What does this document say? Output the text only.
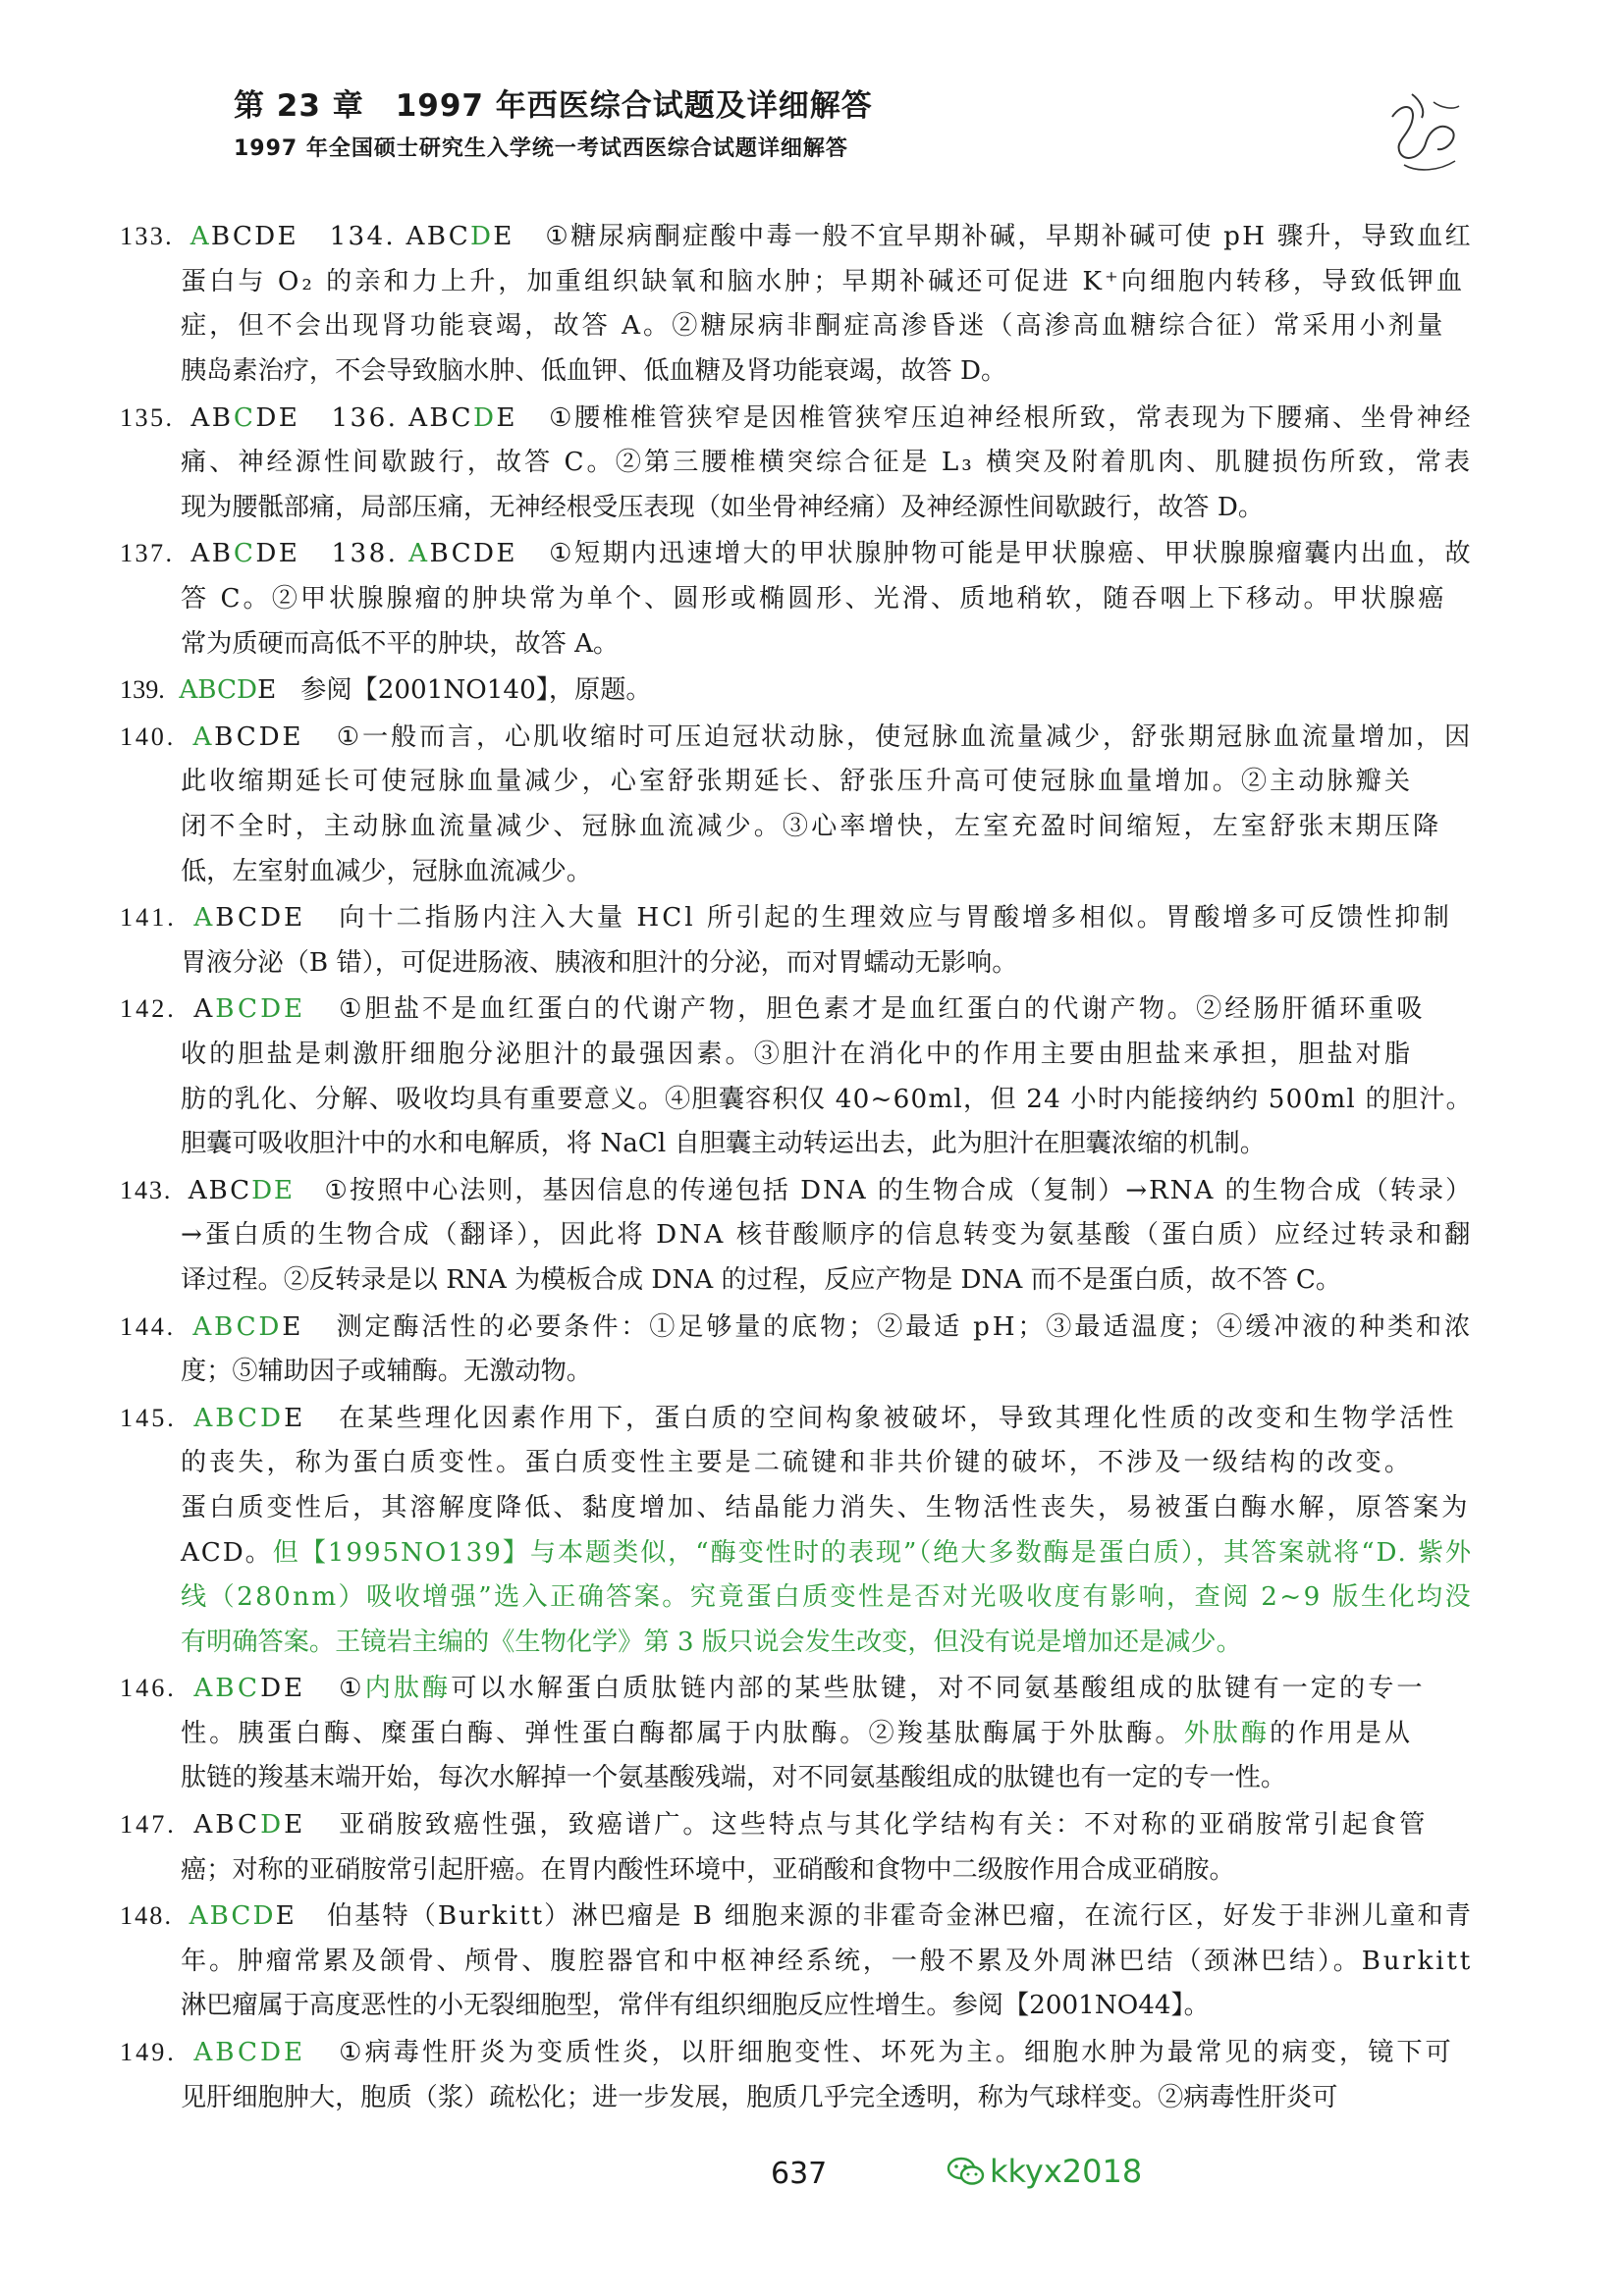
第 23 章　1997 年西医综合试题及详细解答
1997 年全国硕士研究生入学统一考试西医综合试题详细解答
133. ABCDE   134. ABCDE   ①糖尿病酮症酸中毒一般不宜早期补碱，早期补碱可使 pH 骤升，导致血红
蛋白与 O₂ 的亲和力上升，加重组织缺氧和脑水肿；早期补碱还可促进 K⁺向细胞内转移，导致低钾血
症，但不会出现肾功能衰竭，故答 A。②糖尿病非酮症高渗昏迷（高渗高血糖综合征）常采用小剂量
胰岛素治疗，不会导致脑水肿、低血钾、低血糖及肾功能衰竭，故答 D。
135. ABCDE   136. ABCDE   ①腰椎椎管狭窄是因椎管狭窄压迫神经根所致，常表现为下腰痛、坐骨神经
痛、神经源性间歇跛行，故答 C。②第三腰椎横突综合征是 L₃ 横突及附着肌肉、肌腱损伤所致，常表
现为腰骶部痛，局部压痛，无神经根受压表现（如坐骨神经痛）及神经源性间歇跛行，故答 D。
137. ABCDE   138. ABCDE   ①短期内迅速增大的甲状腺肿物可能是甲状腺癌、甲状腺腺瘤囊内出血，故
答 C。②甲状腺腺瘤的肿块常为单个、圆形或椭圆形、光滑、质地稍软，随吞咽上下移动。甲状腺癌
常为质硬而高低不平的肿块，故答 A。
139. ABCDE   参阅【2001NO140】，原题。
140. ABCDE   ①一般而言，心肌收缩时可压迫冠状动脉，使冠脉血流量减少，舒张期冠脉血流量增加，因
此收缩期延长可使冠脉血量减少，心室舒张期延长、舒张压升高可使冠脉血量增加。②主动脉瓣关
闭不全时，主动脉血流量减少、冠脉血流减少。③心率增快，左室充盈时间缩短，左室舒张末期压降
低，左室射血减少，冠脉血流减少。
141. ABCDE   向十二指肠内注入大量 HCl 所引起的生理效应与胃酸增多相似。胃酸增多可反馈性抑制
胃液分泌（B 错），可促进肠液、胰液和胆汁的分泌，而对胃蠕动无影响。
142. ABCDE   ①胆盐不是血红蛋白的代谢产物，胆色素才是血红蛋白的代谢产物。②经肠肝循环重吸
收的胆盐是刺激肝细胞分泌胆汁的最强因素。③胆汁在消化中的作用主要由胆盐来承担，胆盐对脂
肪的乳化、分解、吸收均具有重要意义。④胆囊容积仅 40~60ml，但 24 小时内能接纳约 500ml 的胆汁。
胆囊可吸收胆汁中的水和电解质，将 NaCl 自胆囊主动转运出去，此为胆汁在胆囊浓缩的机制。
143. ABCDE   ①按照中心法则，基因信息的传递包括 DNA 的生物合成（复制）→RNA 的生物合成（转录）
→蛋白质的生物合成（翻译），因此将 DNA 核苷酸顺序的信息转变为氨基酸（蛋白质）应经过转录和翻
译过程。②反转录是以 RNA 为模板合成 DNA 的过程，反应产物是 DNA 而不是蛋白质，故不答 C。
144. ABCDE   测定酶活性的必要条件：①足够量的底物；②最适 pH；③最适温度；④缓冲液的种类和浓
度；⑤辅助因子或辅酶。无激动物。
145. ABCDE   在某些理化因素作用下，蛋白质的空间构象被破坏，导致其理化性质的改变和生物学活性
的丧失，称为蛋白质变性。蛋白质变性主要是二硫键和非共价键的破坏，不涉及一级结构的改变。
蛋白质变性后，其溶解度降低、黏度增加、结晶能力消失、生物活性丧失，易被蛋白酶水解，原答案为
ACD。但【1995NO139】与本题类似，“酶变性时的表现”（绝大多数酶是蛋白质），其答案就将“D. 紫外
线（280nm）吸收增强”选入正确答案。究竟蛋白质变性是否对光吸收度有影响，查阅 2~9 版生化均没
有明确答案。王镜岩主编的《生物化学》第 3 版只说会发生改变，但没有说是增加还是减少。
146. ABCDE   ①内肽酶可以水解蛋白质肽链内部的某些肽键，对不同氨基酸组成的肽键有一定的专一
性。胰蛋白酶、糜蛋白酶、弹性蛋白酶都属于内肽酶。②羧基肽酶属于外肽酶。外肽酶的作用是从
肽链的羧基末端开始，每次水解掉一个氨基酸残端，对不同氨基酸组成的肽键也有一定的专一性。
147. ABCDE   亚硝胺致癌性强，致癌谱广。这些特点与其化学结构有关：不对称的亚硝胺常引起食管
癌；对称的亚硝胺常引起肝癌。在胃内酸性环境中，亚硝酸和食物中二级胺作用合成亚硝胺。
148. ABCDE   伯基特（Burkitt）淋巴瘤是 B 细胞来源的非霍奇金淋巴瘤，在流行区，好发于非洲儿童和青
年。肿瘤常累及颌骨、颅骨、腹腔器官和中枢神经系统，一般不累及外周淋巴结（颈淋巴结）。Burkitt
淋巴瘤属于高度恶性的小无裂细胞型，常伴有组织细胞反应性增生。参阅【2001NO44】。
149. ABCDE   ①病毒性肝炎为变质性炎，以肝细胞变性、坏死为主。细胞水肿为最常见的病变，镜下可
见肝细胞肿大，胞质（浆）疏松化；进一步发展，胞质几乎完全透明，称为气球样变。②病毒性肝炎可
637	kkyx2018
